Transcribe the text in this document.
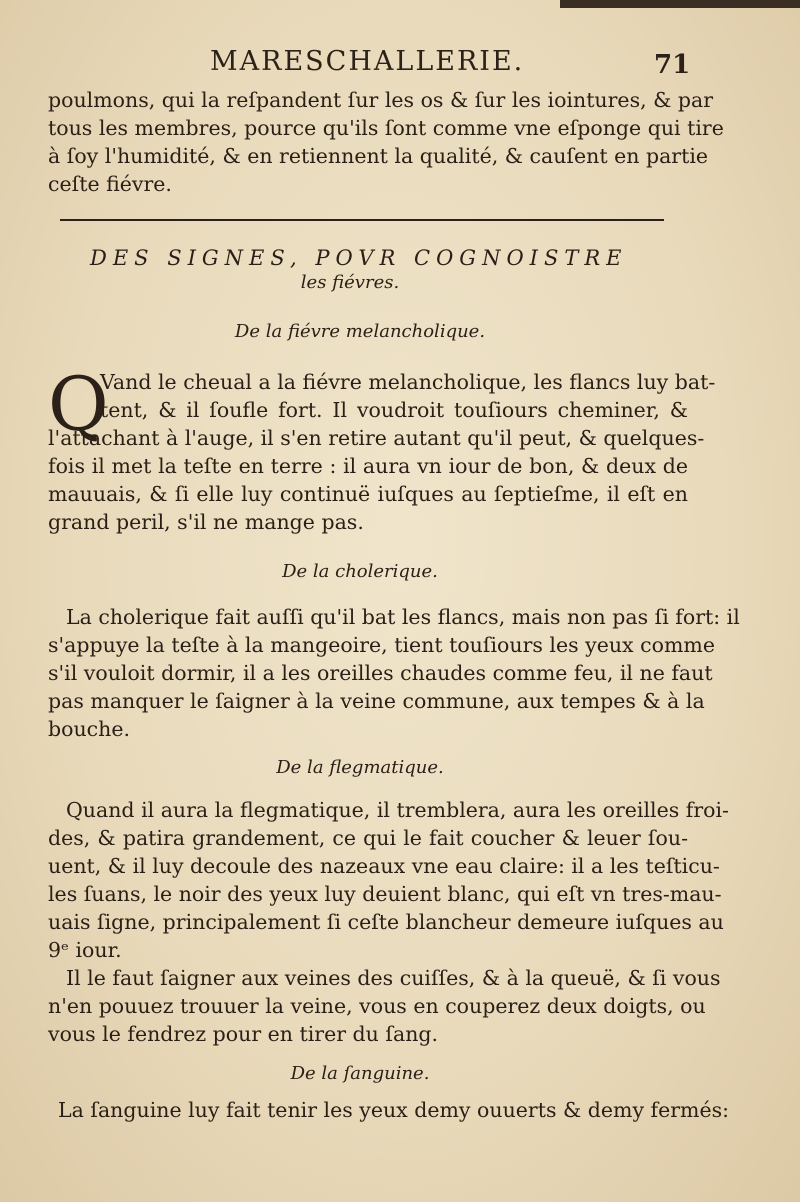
MARESCHALLERIE.	71

poulmons, qui la reſpandent ſur les os & ſur les iointures, & par
tous les membres, pource qu'ils ſont comme vne eſponge qui tire
à ſoy l'humidité, & en retiennent la qualité, & cauſent en partie
ceſte fiévre.

DES SIGNES, POVR COGNOISTRE
les fiévres.
De la fiévre melancholique.
Q

Vand le cheual a la fiévre melancholique, les flancs luy bat-
tent, & il ſoufle fort. Il voudroit touſiours cheminer, &
l'attachant à l'auge, il s'en retire autant qu'il peut, & quelques-
fois il met la teſte en terre : il aura vn iour de bon, & deux de
mauuais, & ſi elle luy continuë iuſques au ſeptieſme, il eſt en
grand peril, s'il ne mange pas.

De la cholerique.

La cholerique fait auſſi qu'il bat les flancs, mais non pas ſi fort: il
s'appuye la teſte à la mangeoire, tient touſiours les yeux comme
s'il vouloit dormir, il a les oreilles chaudes comme feu, il ne faut
pas manquer le ſaigner à la veine commune, aux tempes & à la
bouche.

De la flegmatique.

Quand il aura la flegmatique, il tremblera, aura les oreilles froi-
des, & patira grandement, ce qui le fait coucher & leuer ſou-
uent, & il luy decoule des nazeaux vne eau claire: il a les teſticu-
les ſuans, le noir des yeux luy deuient blanc, qui eſt vn tres-mau-
uais ſigne, principalement ſi ceſte blancheur demeure iuſques au
9ᵉ iour.

Il le faut ſaigner aux veines des cuiſſes, & à la queuë, & ſi vous
n'en pouuez trouuer la veine, vous en couperez deux doigts, ou
vous le fendrez pour en tirer du ſang.

De la ſanguine.

La ſanguine luy fait tenir les yeux demy ouuerts & demy fermés:
